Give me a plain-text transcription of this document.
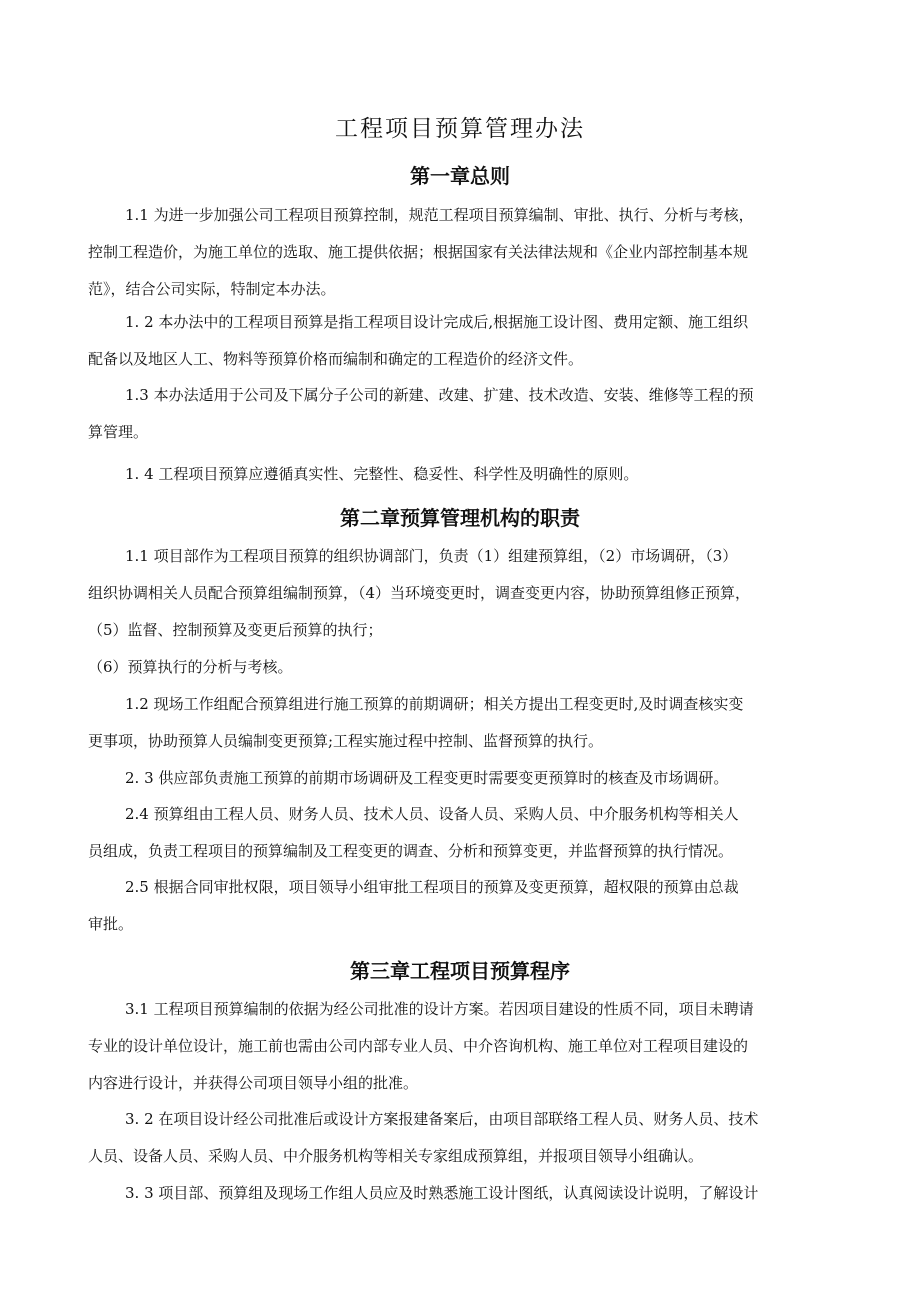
工程项目预算管理办法
第一章总则

1.1 为进一步加强公司工程项目预算控制，规范工程项目预算编制、审批、执行、分析与考核，
控制工程造价，为施工单位的选取、施工提供依据；根据国家有关法律法规和《企业内部控制基本规
范》，结合公司实际，特制定本办法。

1. 2 本办法中的工程项目预算是指工程项目设计完成后,根据施工设计图、费用定额、施工组织
配备以及地区人工、物料等预算价格而编制和确定的工程造价的经济文件。

1.3 本办法适用于公司及下属分子公司的新建、改建、扩建、技术改造、安装、维修等工程的预
算管理。

1. 4 工程项目预算应遵循真实性、完整性、稳妥性、科学性及明确性的原则。

第二章预算管理机构的职责

1.1 项目部作为工程项目预算的组织协调部门，负责（1）组建预算组，（2）市场调研，（3）
组织协调相关人员配合预算组编制预算，（4）当环境变更时，调查变更内容，协助预算组修正预算，
（5）监督、控制预算及变更后预算的执行；

（6）预算执行的分析与考核。

1.2 现场工作组配合预算组进行施工预算的前期调研；相关方提出工程变更时,及时调查核实变
更事项，协助预算人员编制变更预算;工程实施过程中控制、监督预算的执行。

2. 3 供应部负责施工预算的前期市场调研及工程变更时需要变更预算时的核查及市场调研。

2.4 预算组由工程人员、财务人员、技术人员、设备人员、采购人员、中介服务机构等相关人
员组成，负责工程项目的预算编制及工程变更的调查、分析和预算变更，并监督预算的执行情况。

2.5 根据合同审批权限，项目领导小组审批工程项目的预算及变更预算，超权限的预算由总裁
审批。

第三章工程项目预算程序

3.1 工程项目预算编制的依据为经公司批准的设计方案。若因项目建设的性质不同，项目未聘请
专业的设计单位设计，施工前也需由公司内部专业人员、中介咨询机构、施工单位对工程项目建设的
内容进行设计，并获得公司项目领导小组的批准。

3. 2 在项目设计经公司批准后或设计方案报建备案后，由项目部联络工程人员、财务人员、技术
人员、设备人员、采购人员、中介服务机构等相关专家组成预算组，并报项目领导小组确认。

3. 3 项目部、预算组及现场工作组人员应及时熟悉施工设计图纸，认真阅读设计说明，了解设计
